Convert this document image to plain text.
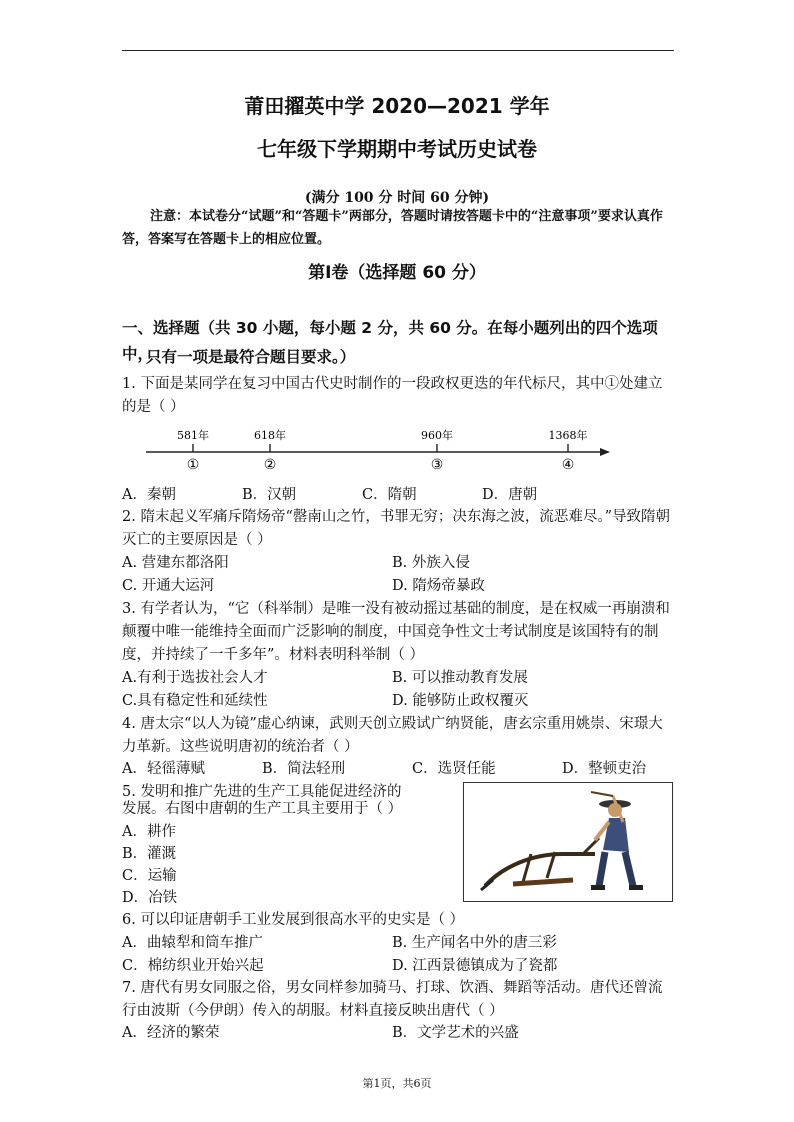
莆田擢英中学 2020—2021 学年
七年级下学期期中考试历史试卷
(满分 100 分 时间 60 分钟)
注意：本试卷分“试题”和“答题卡”两部分，答题时请按答题卡中的“注意事项”要求认真作答，答案写在答题卡上的相应位置。
第Ⅰ卷（选择题 60 分）
一、选择题（共 30 小题，每小题 2 分，共 60 分。在每小题列出的四个选项中，
只有一项是最符合题目要求。）
1. 下面是某同学在复习中国古代史时制作的一段政权更迭的年代标尺，其中①处建立的是（ ）
581年
①
618年
②
960年
③
1368年
④
A．秦朝	B．汉朝	C．隋朝	D．唐朝
2. 隋末起义军痛斥隋炀帝“罄南山之竹，书罪无穷；决东海之波，流恶难尽。”导致隋朝灭亡的主要原因是（ ）
A. 营建东都洛阳	B. 外族入侵
C. 开通大运河	D. 隋炀帝暴政
3. 有学者认为，“它（科举制）是唯一没有被动摇过基础的制度，是在权威一再崩溃和颠覆中唯一能维持全面而广泛影响的制度，中国竞争性文士考试制度是该国特有的制度，并持续了一千多年”。材料表明科举制（ ）
A.有利于选拔社会人才	B. 可以推动教育发展
C.具有稳定性和延续性	D. 能够防止政权覆灭
4. 唐太宗“以人为镜”虚心纳谏，武则天创立殿试广纳贤能，唐玄宗重用姚崇、宋璟大力革新。这些说明唐初的统治者（ ）
A．轻徭薄赋	B．简法轻刑	C．选贤任能	D．整顿吏治
5. 发明和推广先进的生产工具能促进经济的
发展。右图中唐朝的生产工具主要用于（ ）
A．耕作
B．灌溉
C．运输
D．冶铁
6. 可以印证唐朝手工业发展到很高水平的史实是（ ）
A．曲辕犁和筒车推广	B. 生产闻名中外的唐三彩
C．棉纺织业开始兴起	D. 江西景德镇成为了瓷都
7. 唐代有男女同服之俗，男女同样参加骑马、打球、饮酒、舞蹈等活动。唐代还曾流行由波斯（今伊朗）传入的胡服。材料直接反映出唐代（ ）
A．经济的繁荣	B．文学艺术的兴盛
第1页，共6页
